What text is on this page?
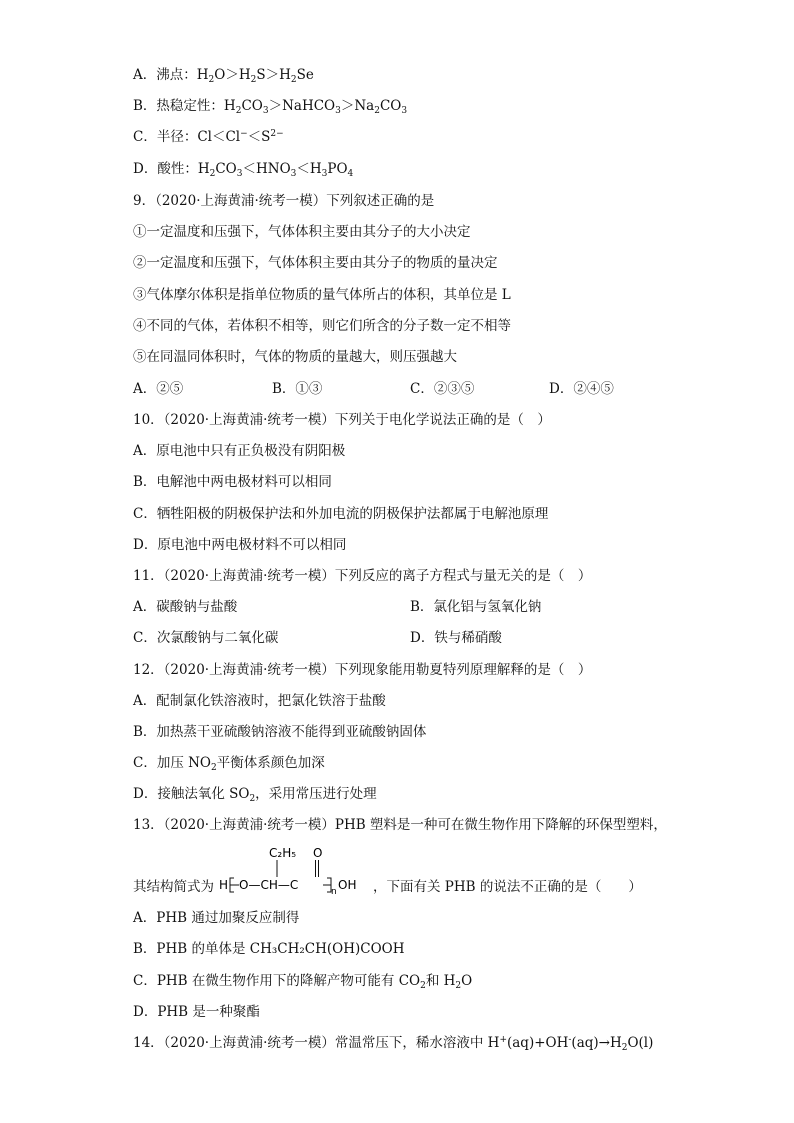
A．沸点：$H_2O>H_2S>H_2Se$
B．热稳定性：$H_2CO_3>NaHCO_3>Na_2CO_3$
C．半径：$Cl<Cl^-<S^{2-}$
D．酸性：$H_2CO_3<HNO_3<H_3PO_4$
9．（2020·上海黄浦·统考一模）下列叙述正确的是
①一定温度和压强下，气体体积主要由其分子的大小决定
②一定温度和压强下，气体体积主要由其分子的物质的量决定
③气体摩尔体积是指单位物质的量气体所占的体积，其单位是 L
④不同的气体，若体积不相等，则它们所含的分子数一定不相等
⑤在同温同体积时，气体的物质的量越大，则压强越大
A．②⑤	B．①③	C．②③⑤	D．②④⑤
10．（2020·上海黄浦·统考一模）下列关于电化学说法正确的是（　）
A．原电池中只有正负极没有阴阳极
B．电解池中两电极材料可以相同
C．牺牲阳极的阴极保护法和外加电流的阴极保护法都属于电解池原理
D．原电池中两电极材料不可以相同
11．（2020·上海黄浦·统考一模）下列反应的离子方程式与量无关的是（　）
A．碳酸钠与盐酸	B．氯化铝与氢氧化钠
C．次氯酸钠与二氧化碳	D．铁与稀硝酸
12．（2020·上海黄浦·统考一模）下列现象能用勒夏特列原理解释的是（　）
A．配制氯化铁溶液时，把氯化铁溶于盐酸
B．加热蒸干亚硫酸钠溶液不能得到亚硫酸钠固体
C．加压 $NO_2$平衡体系颜色加深
D．接触法氧化 $SO_2$，采用常压进行处理
13．（2020·上海黄浦·统考一模）PHB 塑料是一种可在微生物作用下降解的环保型塑料，
其结构简式为
C₂H₅ O
H O—CH—C	n OH ，下面有关 PHB 的说法不正确的是（　　）
A．PHB 通过加聚反应制得
B．PHB 的单体是 CH₃CH₂CH(OH)COOH
C．PHB 在微生物作用下的降解产物可能有 $CO_2$和 $H_2O$
D．PHB 是一种聚酯
14．（2020·上海黄浦·统考一模）常温常压下，稀水溶液中 $H^+(aq)+OH^-(aq)\to H_2O(l)$
